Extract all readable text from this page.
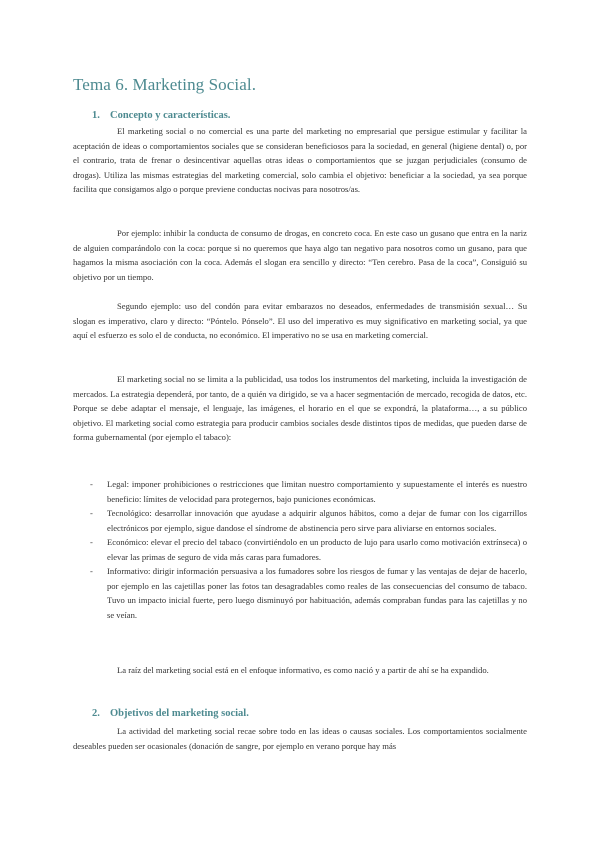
Tema 6. Marketing Social.
1. Concepto y características.

El marketing social o no comercial es una parte del marketing no empresarial que persigue estimular y facilitar la aceptación de ideas o comportamientos sociales que se consideran beneficiosos para la sociedad, en general (higiene dental) o, por el contrario, trata de frenar o desincentivar aquellas otras ideas o comportamientos que se juzgan perjudiciales (consumo de drogas). Utiliza las mismas estrategias del marketing comercial, solo cambia el objetivo: beneficiar a la sociedad, ya sea porque facilita que consigamos algo o porque previene conductas nocivas para nosotros/as.

Por ejemplo: inhibir la conducta de consumo de drogas, en concreto coca. En este caso un gusano que entra en la nariz de alguien comparándolo con la coca: porque si no queremos que haya algo tan negativo para nosotros como un gusano, para que hagamos la misma asociación con la coca. Además el slogan era sencillo y directo: “Ten cerebro. Pasa de la coca”, Consiguió su objetivo por un tiempo.

Segundo ejemplo: uso del condón para evitar embarazos no deseados, enfermedades de transmisión sexual… Su slogan es imperativo, claro y directo: “Póntelo. Pónselo”. El uso del imperativo es muy significativo en marketing social, ya que aquí el esfuerzo es solo el de conducta, no económico. El imperativo no se usa en marketing comercial.

El marketing social no se limita a la publicidad, usa todos los instrumentos del marketing, incluida la investigación de mercados. La estrategia dependerá, por tanto, de a quién va dirigido, se va a hacer segmentación de mercado, recogida de datos, etc. Porque se debe adaptar el mensaje, el lenguaje, las imágenes, el horario en el que se expondrá, la plataforma…, a su público objetivo. El marketing social como estrategia para producir cambios sociales desde distintos tipos de medidas, que pueden darse de forma gubernamental (por ejemplo el tabaco):

- Legal: imponer prohibiciones o restricciones que limitan nuestro comportamiento y supuestamente el interés es nuestro beneficio: límites de velocidad para protegernos, bajo puniciones económicas.
- Tecnológico: desarrollar innovación que ayudase a adquirir algunos hábitos, como a dejar de fumar con los cigarrillos electrónicos por ejemplo, sigue dandose el síndrome de abstinencia pero sirve para aliviarse en entornos sociales.
- Económico: elevar el precio del tabaco (convirtiéndolo en un producto de lujo para usarlo como motivación extrínseca) o elevar las primas de seguro de vida más caras para fumadores.
- Informativo: dirigir información persuasiva a los fumadores sobre los riesgos de fumar y las ventajas de dejar de hacerlo, por ejemplo en las cajetillas poner las fotos tan desagradables como reales de las consecuencias del consumo de tabaco. Tuvo un impacto inicial fuerte, pero luego disminuyó por habituación, además compraban fundas para las cajetillas y no se veían.

La raíz del marketing social está en el enfoque informativo, es como nació y a partir de ahí se ha expandido.

2. Objetivos del marketing social.

La actividad del marketing social recae sobre todo en las ideas o causas sociales. Los comportamientos socialmente deseables pueden ser ocasionales (donación de sangre, por ejemplo en verano porque hay más
